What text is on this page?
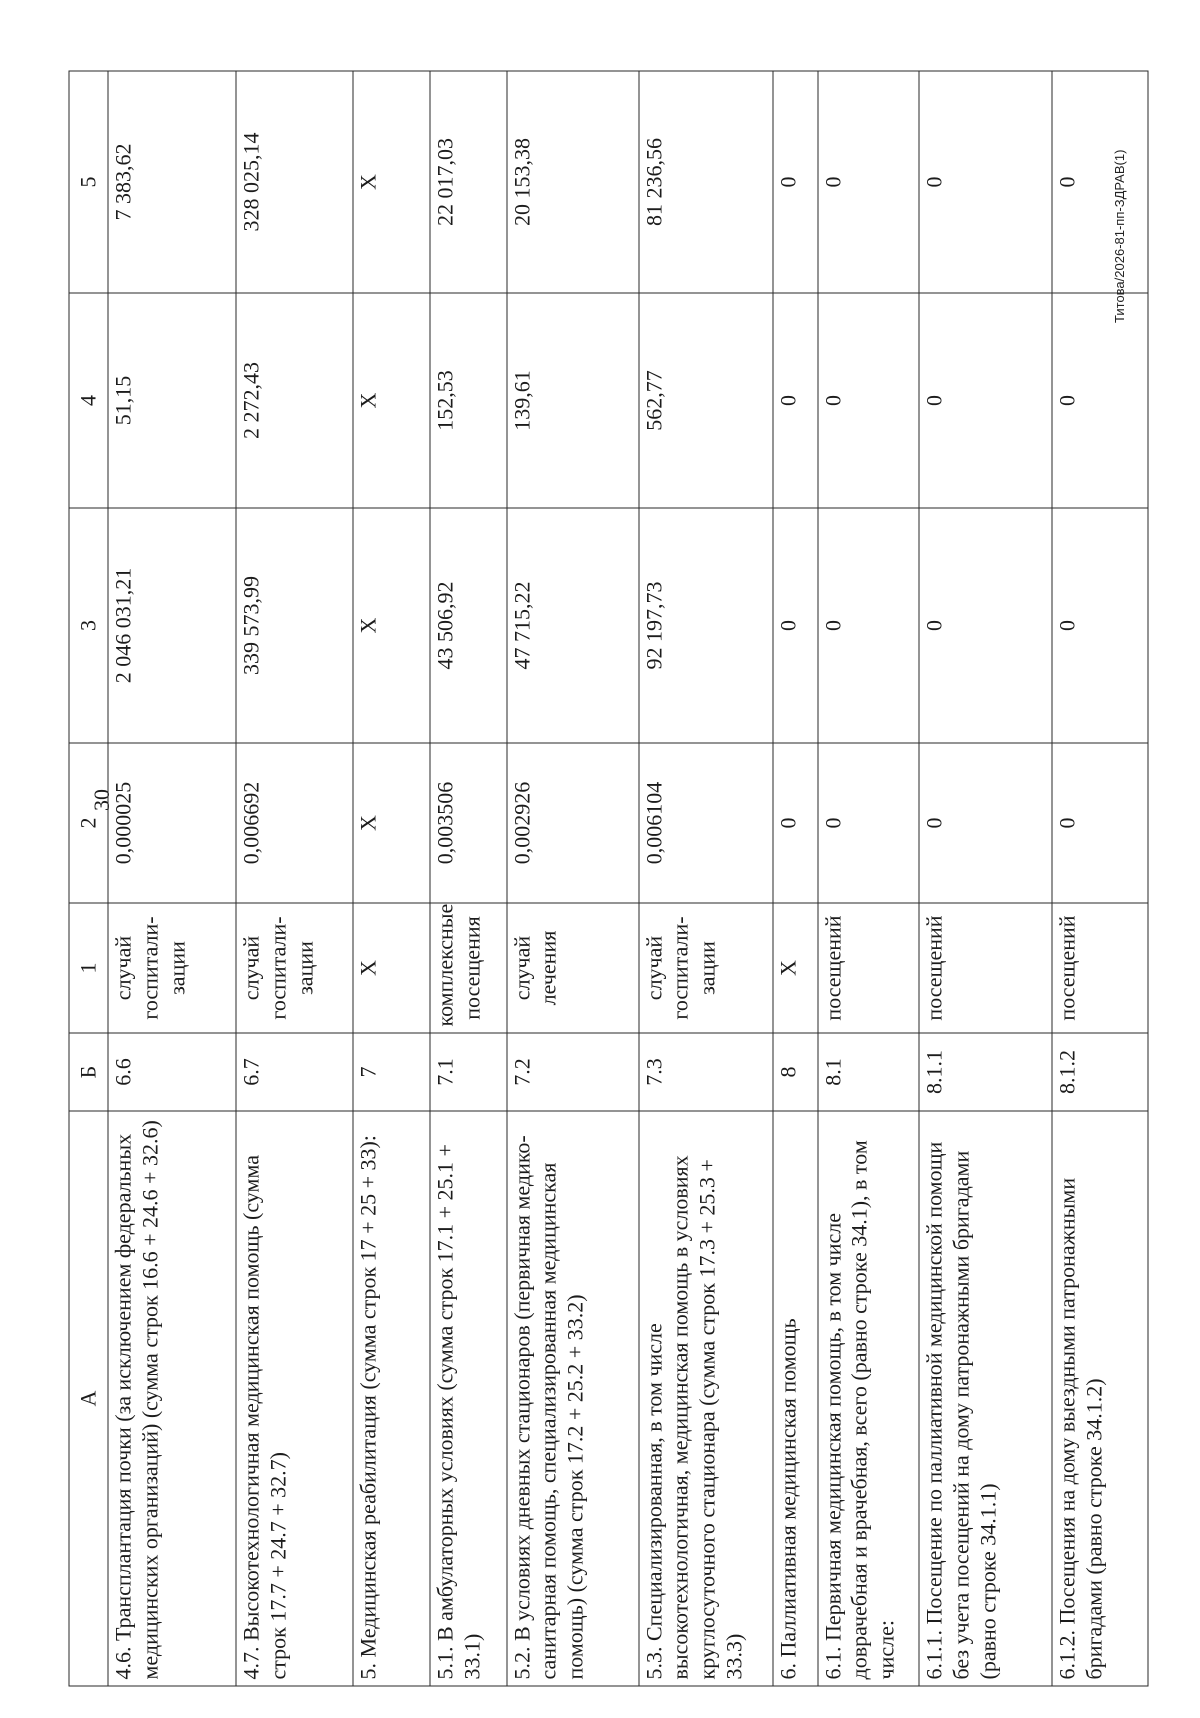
30
Титова/2026-81-пп-ЗДРАВ(1)
А	Б	1	2	3	4	5
4.6. Трансплантация почки (за исключением федеральных медицинских организаций) (сумма строк 16.6 + 24.6 + 32.6)	6.6	случай госпитали-зации	0,000025	2 046 031,21	51,15	7 383,62
4.7. Высокотехнологичная медицинская помощь (сумма строк 17.7 + 24.7 + 32.7)	6.7	случай госпитали-зации	0,006692	339 573,99	2 272,43	328 025,14
5. Медицинская реабилитация (сумма строк 17 + 25 + 33):	7	Х	Х	Х	Х	Х
5.1. В амбулаторных условиях (сумма строк 17.1 + 25.1 + 33.1)	7.1	комплексные посещения	0,003506	43 506,92	152,53	22 017,03
5.2. В условиях дневных стационаров (первичная медико-санитарная помощь, специализированная медицинская помощь) (сумма строк 17.2 + 25.2 + 33.2)	7.2	случай лечения	0,002926	47 715,22	139,61	20 153,38
5.3. Специализированная, в том числе высокотехнологичная, медицинская помощь в условиях круглосуточного стационара (сумма строк 17.3 + 25.3 + 33.3)	7.3	случай госпитали-зации	0,006104	92 197,73	562,77	81 236,56
6. Паллиативная медицинская помощь	8	Х	0	0	0	0
6.1. Первичная медицинская помощь, в том числе доврачебная и врачебная, всего (равно строке 34.1), в том числе:	8.1	посещений	0	0	0	0
6.1.1. Посещение по паллиативной медицинской помощи без учета посещений на дому патронажными бригадами (равно строке 34.1.1)	8.1.1	посещений	0	0	0	0
6.1.2. Посещения на дому выездными патронажными бригадами (равно строке 34.1.2)	8.1.2	посещений	0	0	0	0
